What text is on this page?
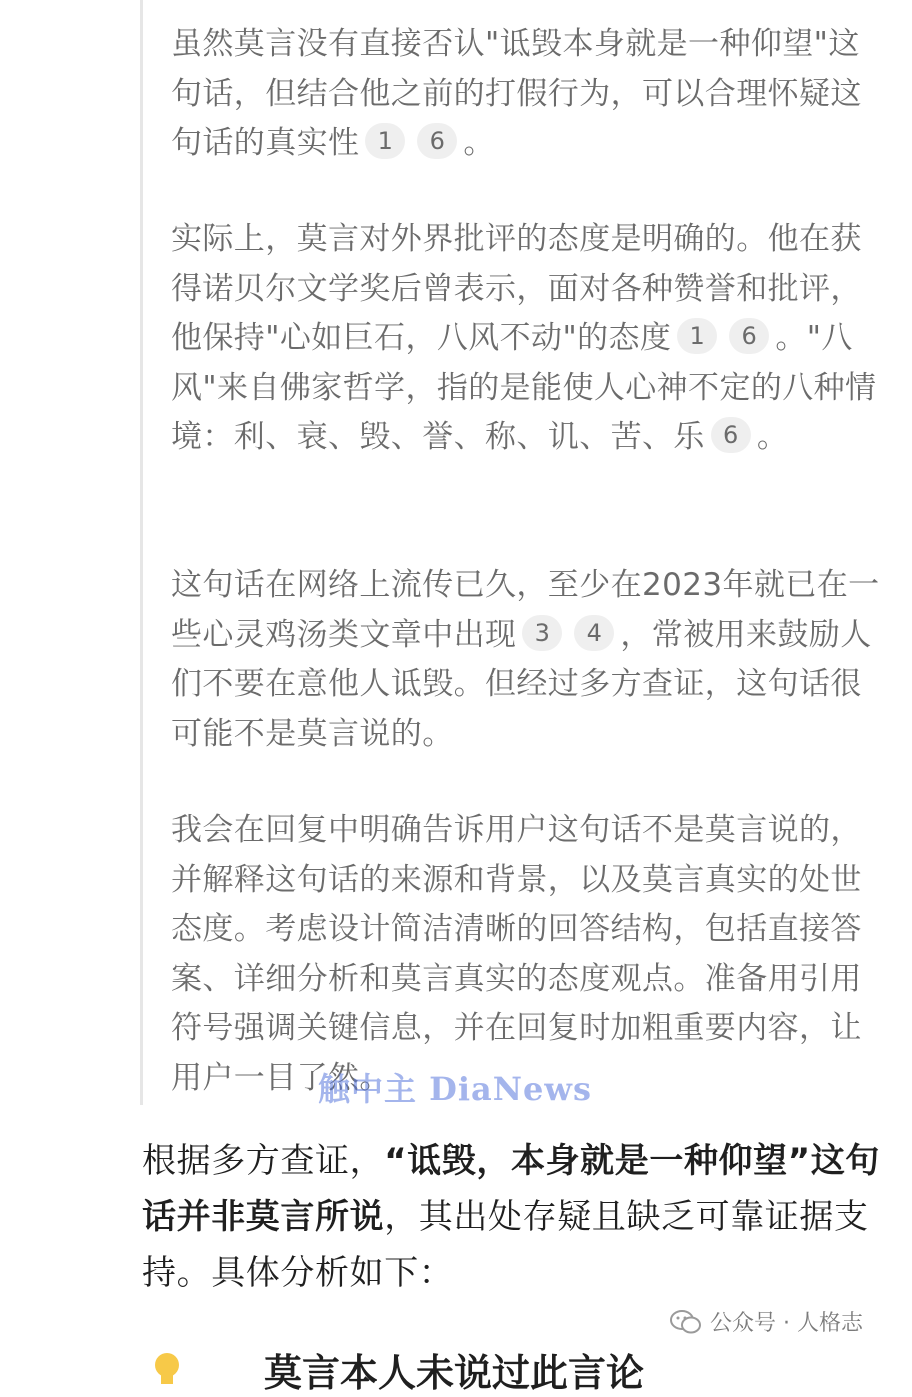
虽然莫言没有直接否认"诋毁本身就是一种仰望"这句话，但结合他之前的打假行为，可以合理怀疑这句话的真实性 1 6 。
实际上，莫言对外界批评的态度是明确的。他在获得诺贝尔文学奖后曾表示，面对各种赞誉和批评，他保持"心如巨石，八风不动"的态度 1 6 。"八风"来自佛家哲学，指的是能使人心神不定的八种情境：利、衰、毁、誉、称、讥、苦、乐 6 。
这句话在网络上流传已久，至少在2023年就已在一些心灵鸡汤类文章中出现 3 4 ，常被用来鼓励人们不要在意他人诋毁。但经过多方查证，这句话很可能不是莫言说的。
我会在回复中明确告诉用户这句话不是莫言说的，并解释这句话的来源和背景，以及莫言真实的处世态度。考虑设计简洁清晰的回答结构，包括直接答案、详细分析和莫言真实的态度观点。准备用引用符号强调关键信息，并在回复时加粗重要内容，让用户一目了然。
触中主 DiaNews
根据多方查证，“诋毁，本身就是一种仰望”这句话并非莫言所说，其出处存疑且缺乏可靠证据支持。具体分析如下：
公众号 · 人格志
莫言本人未说过此言论
